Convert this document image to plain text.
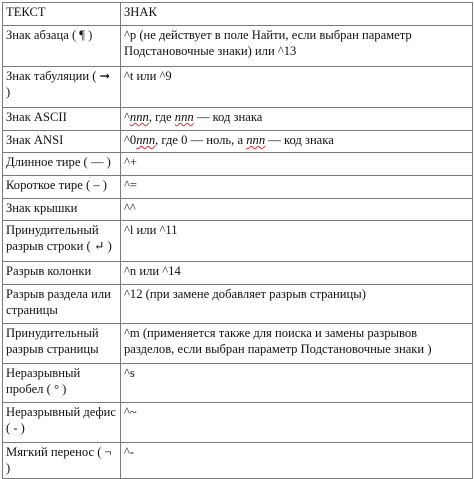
ТЕКСТ	ЗНАК
Знак абзаца ( ¶ )	^p (не действует в поле Найти, если выбран параметр Подстановочные знаки) или ^13
Знак табуляции ( ➞ )	^t или ^9
Знак ASCII	^nnn, где nnn — код знака
Знак ANSI	^0nnn, где 0 — ноль, а nnn — код знака
Длинное тире ( — )	^+
Короткое тире ( – )	^=
Знак крышки	^^
Принудительный разрыв строки ( ↵ )	^l или ^11
Разрыв колонки	^n или ^14
Разрыв раздела или страницы	^12 (при замене добавляет разрыв страницы)
Принудительный разрыв страницы	^m (применяется также для поиска и замены разрывов разделов, если выбран параметр Подстановочные знаки )
Неразрывный пробел ( ° )	^s
Неразрывный дефис ( - )	^~
Мягкий перенос ( ¬ )	^-
